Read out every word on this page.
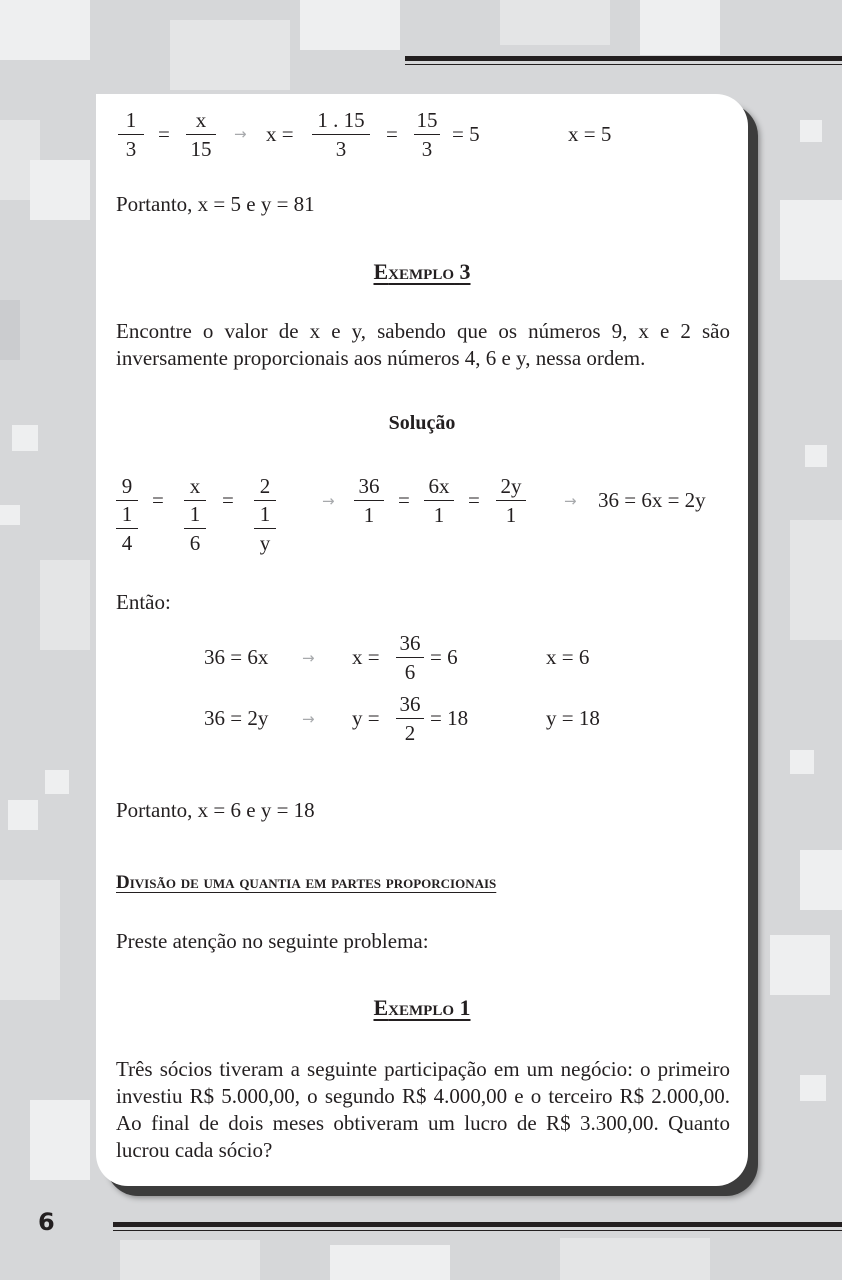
6
$\frac{1}{3} = \frac{x}{15} \to x = \frac{1 . 15}{3} = \frac{15}{3} = 5$	x = 5
Portanto, x = 5 e y = 81
EXEMPLO 3
Encontre o valor de x e y, sabendo que os números 9, x e 2 são inversamente proporcionais aos números 4, 6 e y, nessa ordem.
Solução
9
$\frac{1}{4}$
=
x
$\frac{1}{6}$
=
2
$\frac{1}{y}$
→ $\frac{36}{1} = \frac{6x}{1} = \frac{2y}{1}$	→ 36 = 6x = 2y
Então:
$36 = 6x \to x = \frac{36}{6} = 6$	x = 6
$36 = 2y \to y = \frac{36}{2} = 18$	y = 18
Portanto, x = 6 e y = 18
Divisão de uma quantia em partes proporcionais
Preste atenção no seguinte problema:
EXEMPLO 1
Três sócios tiveram a seguinte participação em um negócio: o primeiro investiu R$ 5.000,00, o segundo R$ 4.000,00 e o terceiro R$ 2.000,00. Ao final de dois meses obtiveram um lucro de R$ 3.300,00. Quanto lucrou cada sócio?
